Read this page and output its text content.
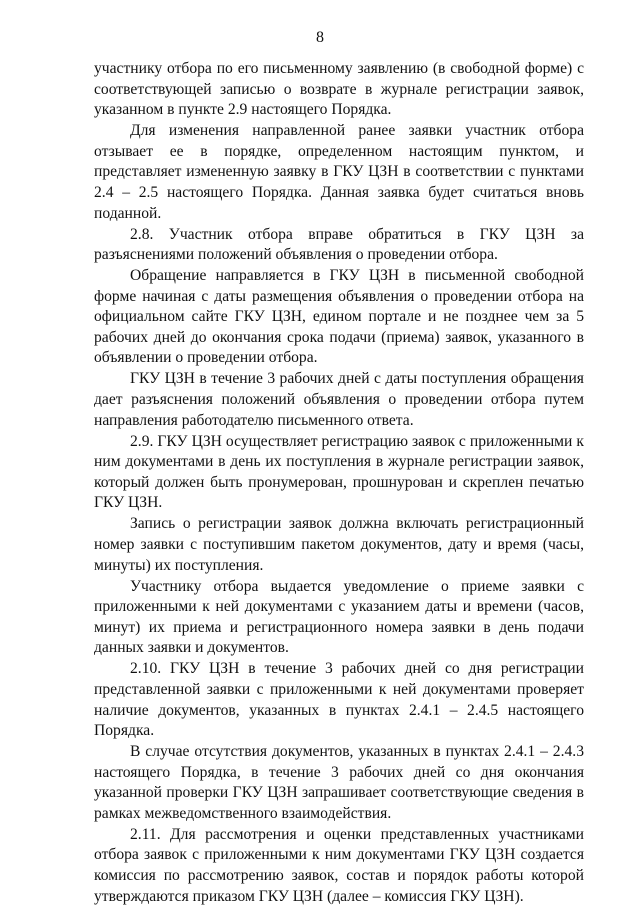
8

участнику отбора по его письменному заявлению (в свободной форме) с соответствующей записью о возврате в журнале регистрации заявок, указанном в пункте 2.9 настоящего Порядка.

Для изменения направленной ранее заявки участник отбора отзывает ее в порядке, определенном настоящим пунктом, и представляет измененную заявку в ГКУ ЦЗН в соответствии с пунктами 2.4 – 2.5 настоящего Порядка. Данная заявка будет считаться вновь поданной.

2.8. Участник отбора вправе обратиться в ГКУ ЦЗН за разъяснениями положений объявления о проведении отбора.

Обращение направляется в ГКУ ЦЗН в письменной свободной форме начиная с даты размещения объявления о проведении отбора на официальном сайте ГКУ ЦЗН, едином портале и не позднее чем за 5 рабочих дней до окончания срока подачи (приема) заявок, указанного в объявлении о проведении отбора.

ГКУ ЦЗН в течение 3 рабочих дней с даты поступления обращения дает разъяснения положений объявления о проведении отбора путем направления работодателю письменного ответа.

2.9. ГКУ ЦЗН осуществляет регистрацию заявок с приложенными к ним документами в день их поступления в журнале регистрации заявок, который должен быть пронумерован, прошнурован и скреплен печатью ГКУ ЦЗН.

Запись о регистрации заявок должна включать регистрационный номер заявки с поступившим пакетом документов, дату и время (часы, минуты) их поступления.

Участнику отбора выдается уведомление о приеме заявки с приложенными к ней документами с указанием даты и времени (часов, минут) их приема и регистрационного номера заявки в день подачи данных заявки и документов.

2.10. ГКУ ЦЗН в течение 3 рабочих дней со дня регистрации представленной заявки с приложенными к ней документами проверяет наличие документов, указанных в пунктах 2.4.1 – 2.4.5 настоящего Порядка.

В случае отсутствия документов, указанных в пунктах 2.4.1 – 2.4.3 настоящего Порядка, в течение 3 рабочих дней со дня окончания указанной проверки ГКУ ЦЗН запрашивает соответствующие сведения в рамках межведомственного взаимодействия.

2.11. Для рассмотрения и оценки представленных участниками отбора заявок с приложенными к ним документами ГКУ ЦЗН создается комиссия по рассмотрению заявок, состав и порядок работы которой утверждаются приказом ГКУ ЦЗН (далее – комиссия ГКУ ЦЗН).
